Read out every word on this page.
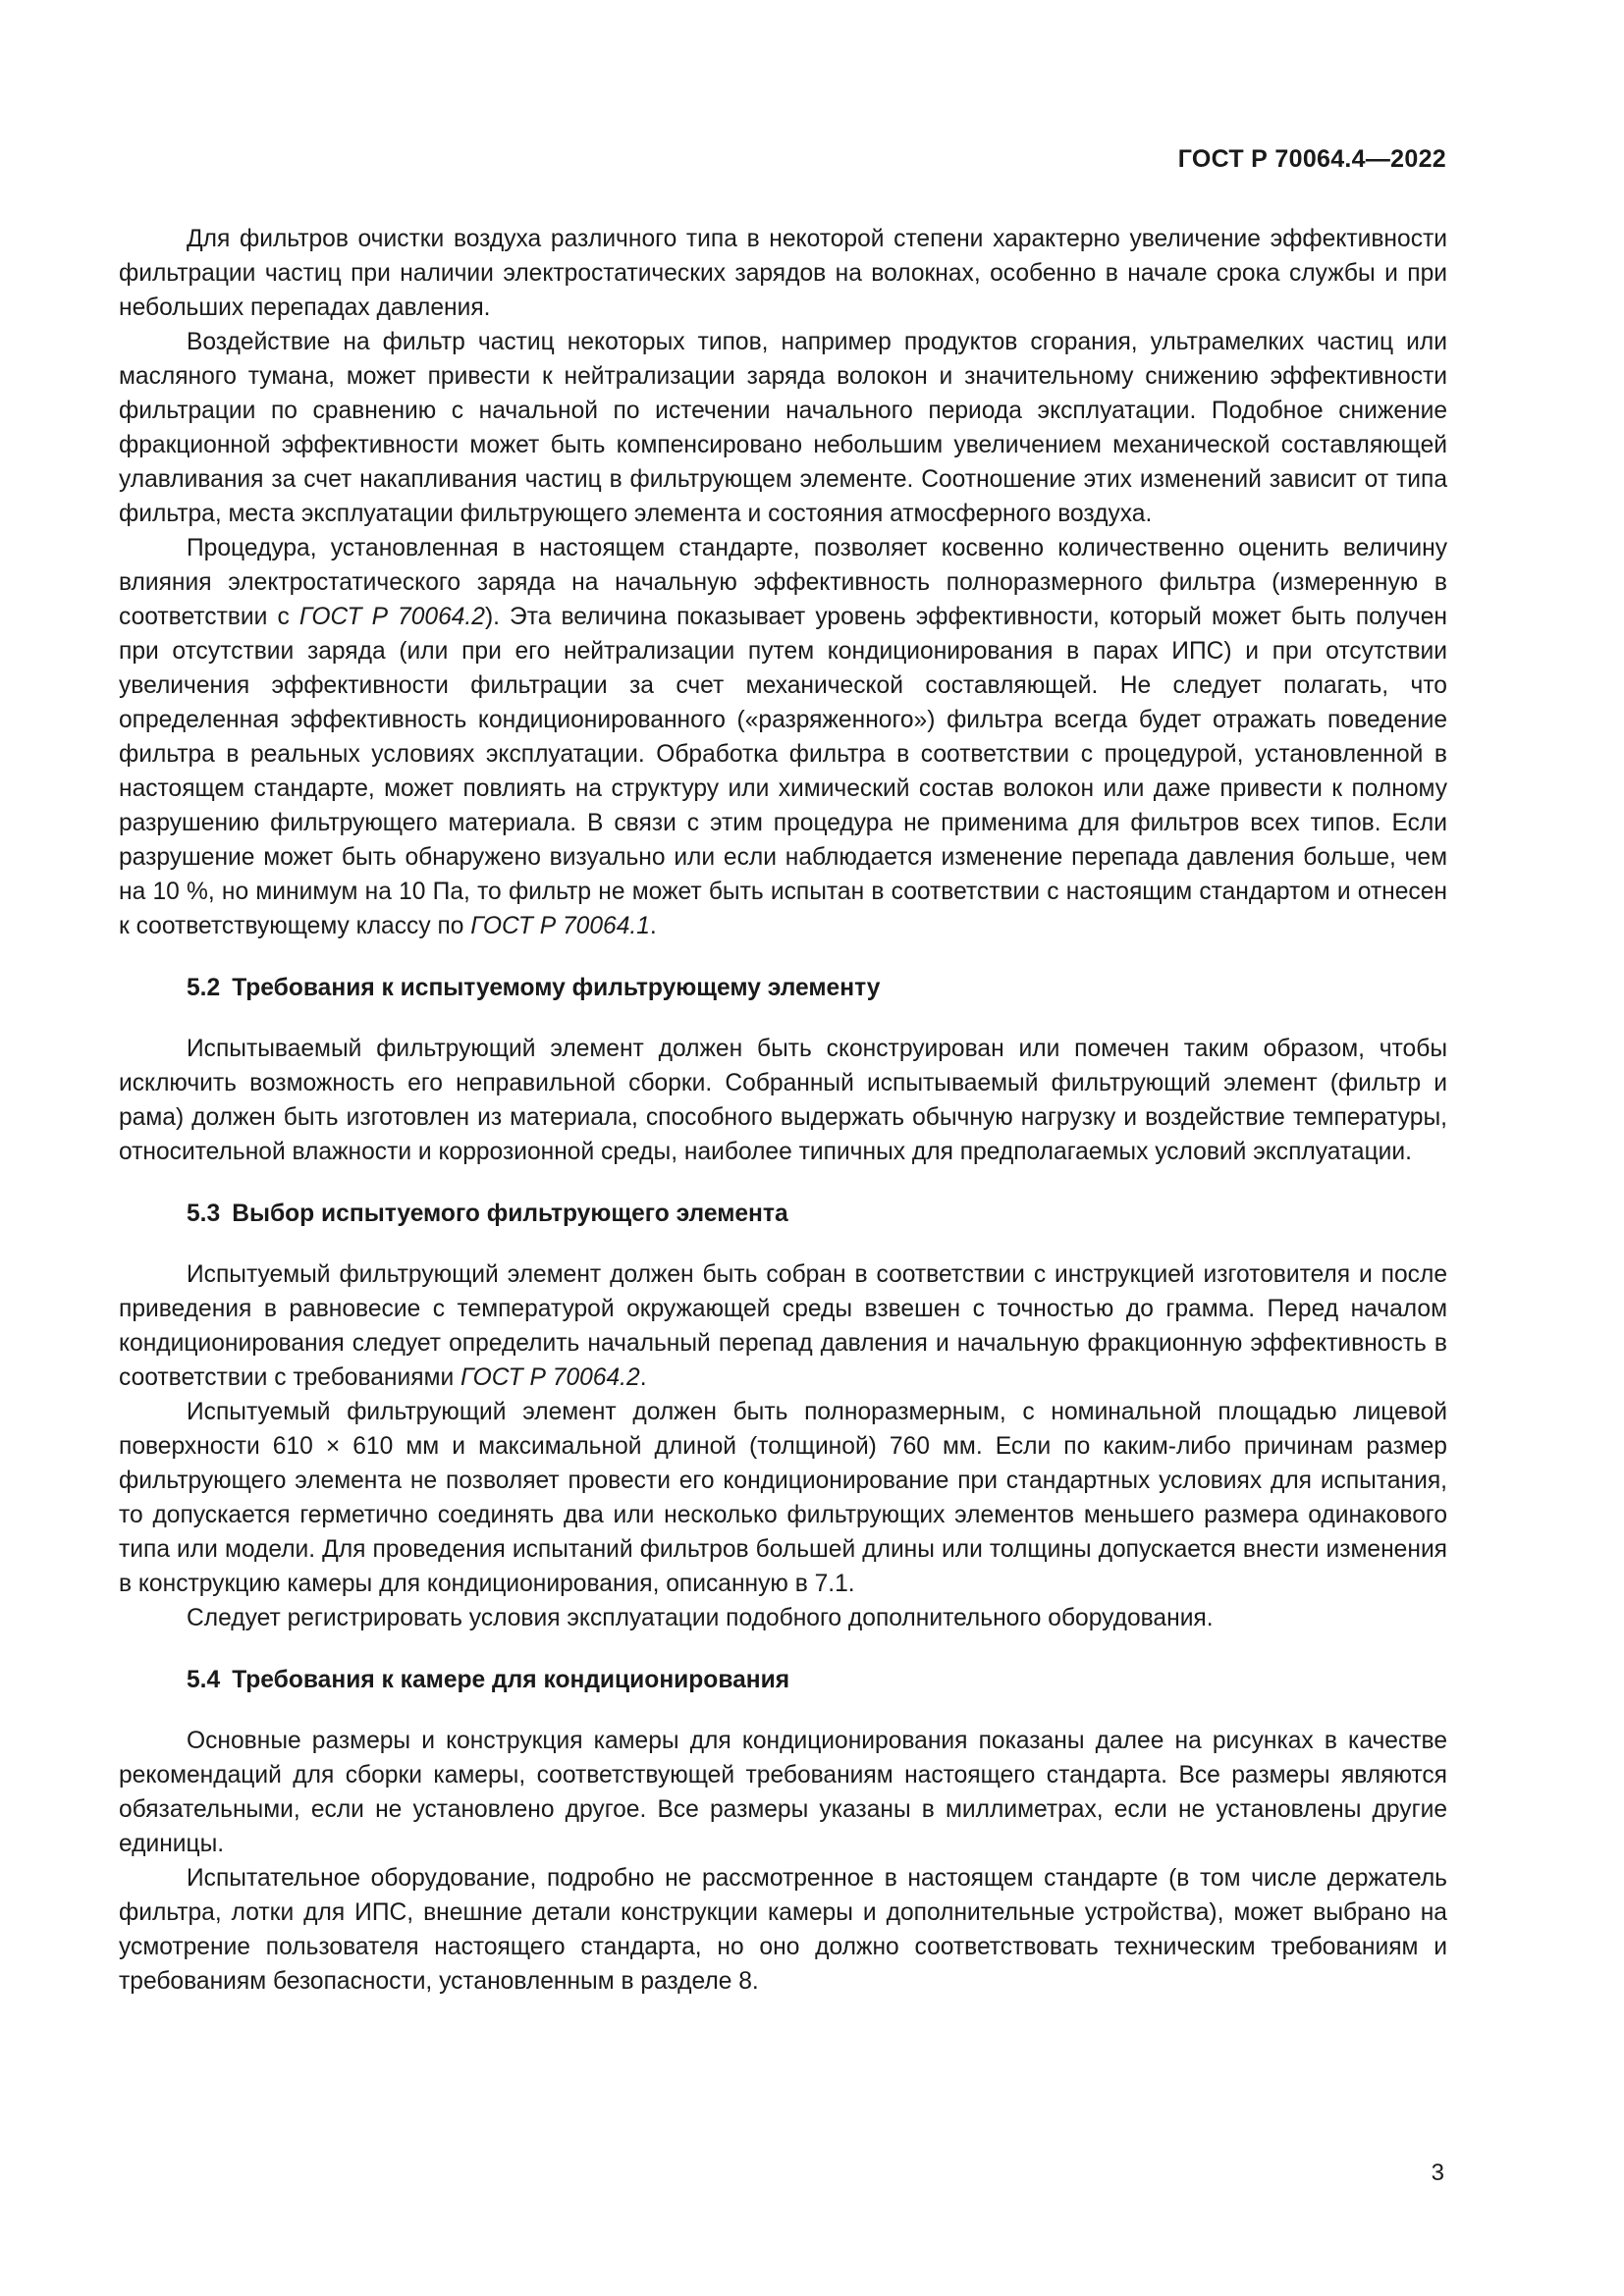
ГОСТ Р 70064.4—2022

Для фильтров очистки воздуха различного типа в некоторой степени характерно увеличение эффективности фильтрации частиц при наличии электростатических зарядов на волокнах, особенно в начале срока службы и при небольших перепадах давления.

Воздействие на фильтр частиц некоторых типов, например продуктов сгорания, ультрамелких частиц или масляного тумана, может привести к нейтрализации заряда волокон и значительному снижению эффективности фильтрации по сравнению с начальной по истечении начального периода эксплуатации. Подобное снижение фракционной эффективности может быть компенсировано небольшим увеличением механической составляющей улавливания за счет накапливания частиц в фильтрующем элементе. Соотношение этих изменений зависит от типа фильтра, места эксплуатации фильтрующего элемента и состояния атмосферного воздуха.

Процедура, установленная в настоящем стандарте, позволяет косвенно количественно оценить величину влияния электростатического заряда на начальную эффективность полноразмерного фильтра (измеренную в соответствии с ГОСТ Р 70064.2). Эта величина показывает уровень эффективности, который может быть получен при отсутствии заряда (или при его нейтрализации путем кондиционирования в парах ИПС) и при отсутствии увеличения эффективности фильтрации за счет механической составляющей. Не следует полагать, что определенная эффективность кондиционированного («разряженного») фильтра всегда будет отражать поведение фильтра в реальных условиях эксплуатации. Обработка фильтра в соответствии с процедурой, установленной в настоящем стандарте, может повлиять на структуру или химический состав волокон или даже привести к полному разрушению фильтрующего материала. В связи с этим процедура не применима для фильтров всех типов. Если разрушение может быть обнаружено визуально или если наблюдается изменение перепада давления больше, чем на 10 %, но минимум на 10 Па, то фильтр не может быть испытан в соответствии с настоящим стандартом и отнесен к соответствующему классу по ГОСТ Р 70064.1.

5.2 Требования к испытуемому фильтрующему элементу

Испытываемый фильтрующий элемент должен быть сконструирован или помечен таким образом, чтобы исключить возможность его неправильной сборки. Собранный испытываемый фильтрующий элемент (фильтр и рама) должен быть изготовлен из материала, способного выдержать обычную нагрузку и воздействие температуры, относительной влажности и коррозионной среды, наиболее типичных для предполагаемых условий эксплуатации.

5.3 Выбор испытуемого фильтрующего элемента

Испытуемый фильтрующий элемент должен быть собран в соответствии с инструкцией изготовителя и после приведения в равновесие с температурой окружающей среды взвешен с точностью до грамма. Перед началом кондиционирования следует определить начальный перепад давления и начальную фракционную эффективность в соответствии с требованиями ГОСТ Р 70064.2.

Испытуемый фильтрующий элемент должен быть полноразмерным, с номинальной площадью лицевой поверхности 610 × 610 мм и максимальной длиной (толщиной) 760 мм. Если по каким-либо причинам размер фильтрующего элемента не позволяет провести его кондиционирование при стандартных условиях для испытания, то допускается герметично соединять два или несколько фильтрующих элементов меньшего размера одинакового типа или модели. Для проведения испытаний фильтров большей длины или толщины допускается внести изменения в конструкцию камеры для кондиционирования, описанную в 7.1.

Следует регистрировать условия эксплуатации подобного дополнительного оборудования.

5.4 Требования к камере для кондиционирования

Основные размеры и конструкция камеры для кондиционирования показаны далее на рисунках в качестве рекомендаций для сборки камеры, соответствующей требованиям настоящего стандарта. Все размеры являются обязательными, если не установлено другое. Все размеры указаны в миллиметрах, если не установлены другие единицы.

Испытательное оборудование, подробно не рассмотренное в настоящем стандарте (в том числе держатель фильтра, лотки для ИПС, внешние детали конструкции камеры и дополнительные устройства), может выбрано на усмотрение пользователя настоящего стандарта, но оно должно соответствовать техническим требованиям и требованиям безопасности, установленным в разделе 8.

3
